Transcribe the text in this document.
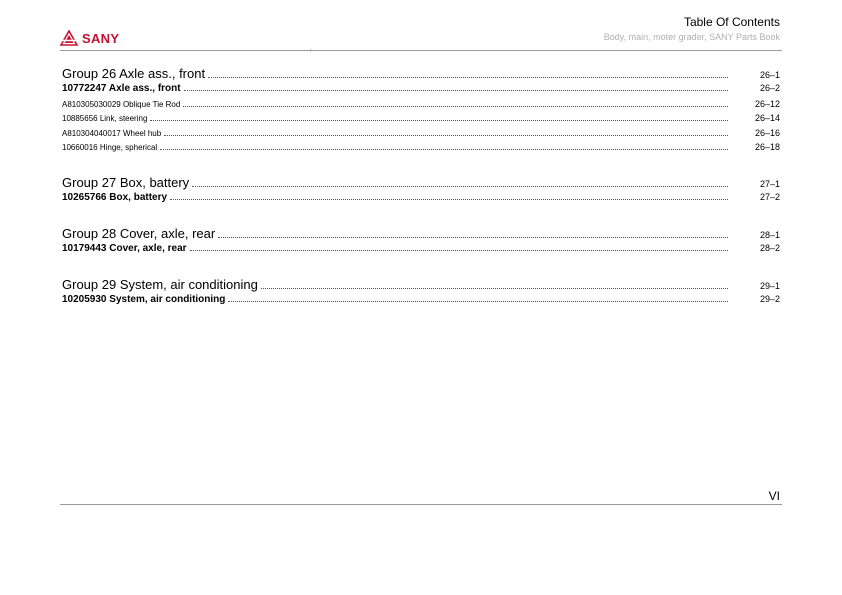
SANY
Table Of Contents
Body, main, moter grader, SANY Parts Book
Group 26 Axle ass., front	26–1
10772247 Axle ass., front	26–2
A810305030029 Oblique Tie Rod	26–12
10885656 Link, steering	26–14
A810304040017 Wheel hub	26–16
10660016 Hinge, spherical	26–18
Group 27 Box, battery	27–1
10265766 Box, battery	27–2
Group 28 Cover, axle, rear	28–1
10179443 Cover, axle, rear	28–2
Group 29 System, air conditioning	29–1
10205930 System, air conditioning	29–2
VI
